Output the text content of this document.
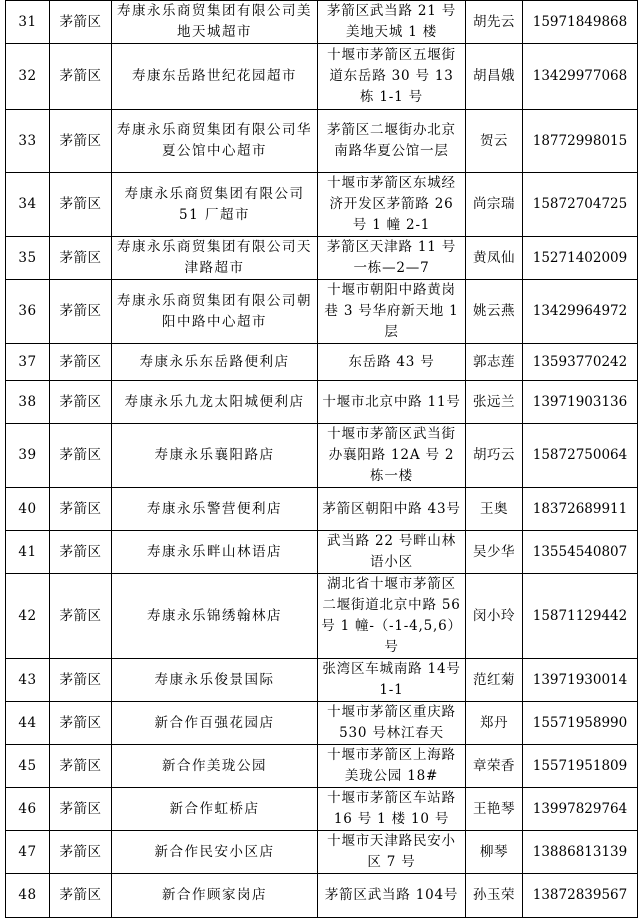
31	茅箭区	寿康永乐商贸集团有限公司美地天城超市	茅箭区武当路 21 号美地天城 1 楼	胡先云	15971849868
32	茅箭区	寿康东岳路世纪花园超市	十堰市茅箭区五堰街道东岳路 30 号 13 栋 1-1 号	胡昌娥	13429977068
33	茅箭区	寿康永乐商贸集团有限公司华夏公馆中心超市	茅箭区二堰街办北京南路华夏公馆一层	贺云	18772998015
34	茅箭区	寿康永乐商贸集团有限公司51 厂超市	十堰市茅箭区东城经济开发区茅箭路 26 号 1 幢 2-1	尚宗瑞	15872704725
35	茅箭区	寿康永乐商贸集团有限公司天津路超市	茅箭区天津路 11 号一栋—2—7	黄凤仙	15271402009
36	茅箭区	寿康永乐商贸集团有限公司朝阳中路中心超市	十堰市朝阳中路黄岗巷 3 号华府新天地 1 层	姚云燕	13429964972
37	茅箭区	寿康永乐东岳路便利店	东岳路 43 号	郭志莲	13593770242
38	茅箭区	寿康永乐九龙太阳城便利店	十堰市北京中路 11号	张远兰	13971903136
39	茅箭区	寿康永乐襄阳路店	十堰市茅箭区武当街办襄阳路 12A 号 2 栋一楼	胡巧云	15872750064
40	茅箭区	寿康永乐警营便利店	茅箭区朝阳中路 43号	王奥	18372689911
41	茅箭区	寿康永乐畔山林语店	武当路 22 号畔山林语小区	吴少华	13554540807
42	茅箭区	寿康永乐锦绣翰林店	湖北省十堰市茅箭区二堰街道北京中路 56 号 1 幢-（-1-4,5,6）号	闵小玲	15871129442
43	茅箭区	寿康永乐俊景国际	张湾区车城南路 14号 1-1	范红菊	13971930014
44	茅箭区	新合作百强花园店	十堰市茅箭区重庆路 530 号林江春天	郑丹	15571958990
45	茅箭区	新合作美珑公园	十堰市茅箭区上海路美珑公园 18#	章荣香	15571951809
46	茅箭区	新合作虹桥店	十堰市茅箭区车站路 16 号 1 楼 10 号	王艳琴	13997829764
47	茅箭区	新合作民安小区店	十堰市天津路民安小区 7 号	柳琴	13886813139
48	茅箭区	新合作顾家岗店	茅箭区武当路 104号	孙玉荣	13872839567
